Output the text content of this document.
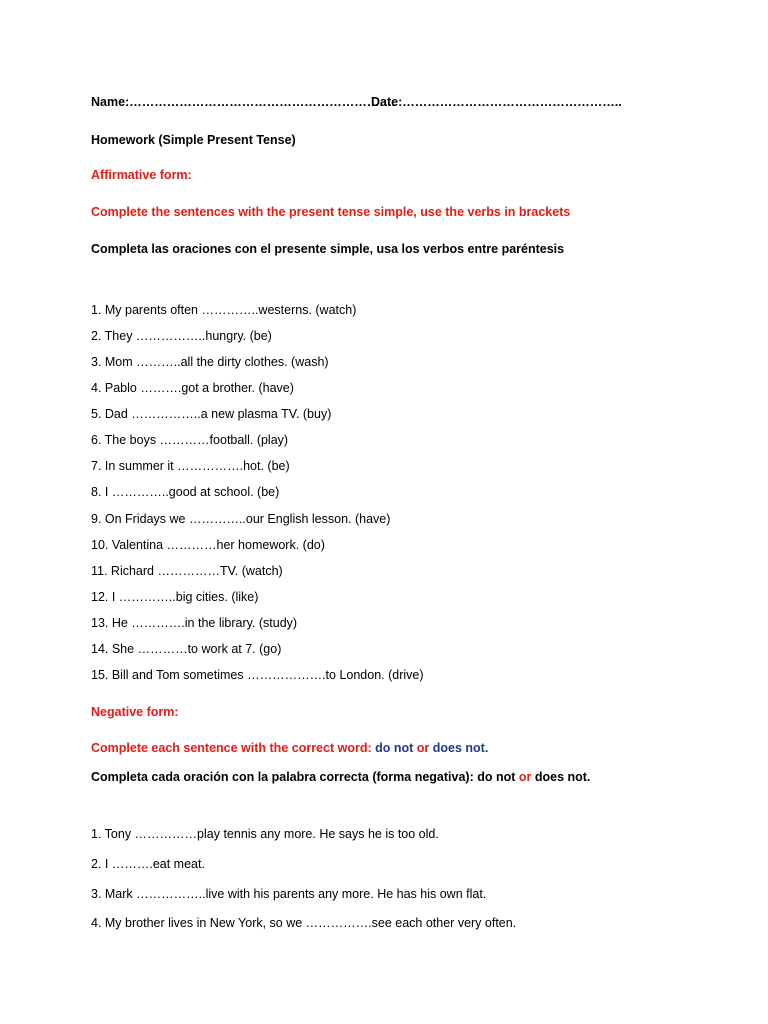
Name:……………………………………………………….
Date:……………………………………………..
Homework (Simple Present Tense)
Affirmative form:
Complete the sentences with the present tense simple, use the verbs in brackets
Completa las oraciones con el presente simple, usa los verbos entre paréntesis
1. My parents often …………..westerns. (watch)
2. They ……………..hungry. (be)
3. Mom ………..all the dirty clothes. (wash)
4. Pablo ……….got a brother. (have)
5. Dad ……………..a new plasma TV. (buy)
6. The boys …………football. (play)
7. In summer it …………….hot. (be)
8. I …………..good at school. (be)
9. On Fridays we …………..our English lesson. (have)
10. Valentina …………her homework. (do)
11. Richard ……………TV. (watch)
12. I …………..big cities. (like)
13. He ………….in the library. (study)
14. She …………to work at 7. (go)
15. Bill and Tom sometimes ……………….to London. (drive)
Negative form:
Complete each sentence with the correct word: do not or does not.
Completa cada oración con la palabra correcta (forma negativa): do not or does not.
1. Tony ……………play tennis any more. He says he is too old.
2. I ……….eat meat.
3. Mark ……………..live with his parents any more. He has his own flat.
4. My brother lives in New York, so we …………….see each other very often.
